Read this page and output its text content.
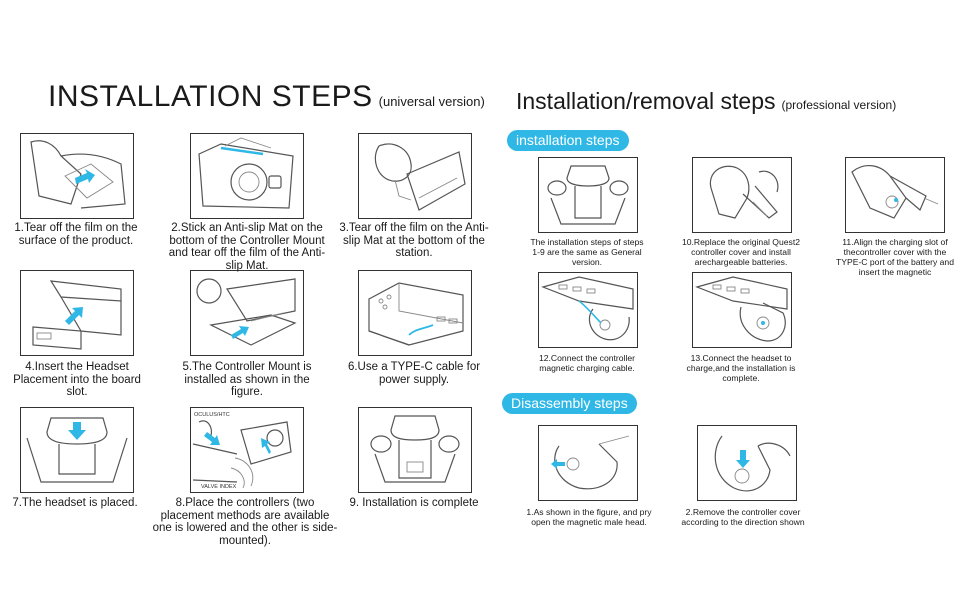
INSTALLATION STEPS (universal version) Installation/removal steps (professional version)
OCULUS/HTC
VALVE INDEX
1.Tear off the film on the surface of the product.
2.Stick an Anti-slip Mat on the bottom of the Controller Mount and tear off the film of the Anti-slip Mat.
3.Tear off the film on the Anti-slip Mat at the bottom of the station.
4.Insert the Headset Placement into the board slot.
5.The Controller Mount is installed as shown in the figure.
6.Use a TYPE-C cable for power supply.
7.The headset is placed.	8.Place the controllers (two placement methods are available one is lowered and the other is side-mounted).
9. Installation is complete
installation steps
The installation steps of steps 1-9 are the same as General version.
10.Replace the original Quest2 controller cover and install arechargeable batteries.
11.Align the charging slot of thecontroller cover with the TYPE-C port of the battery and insert the magnetic
12.Connect the controller magnetic charging cable.
13.Connect the headset to charge,and the installation is complete.
Disassembly steps
1.As shown in the figure, and pry open the magnetic male head.
2.Remove the controller cover according to the direction shown
